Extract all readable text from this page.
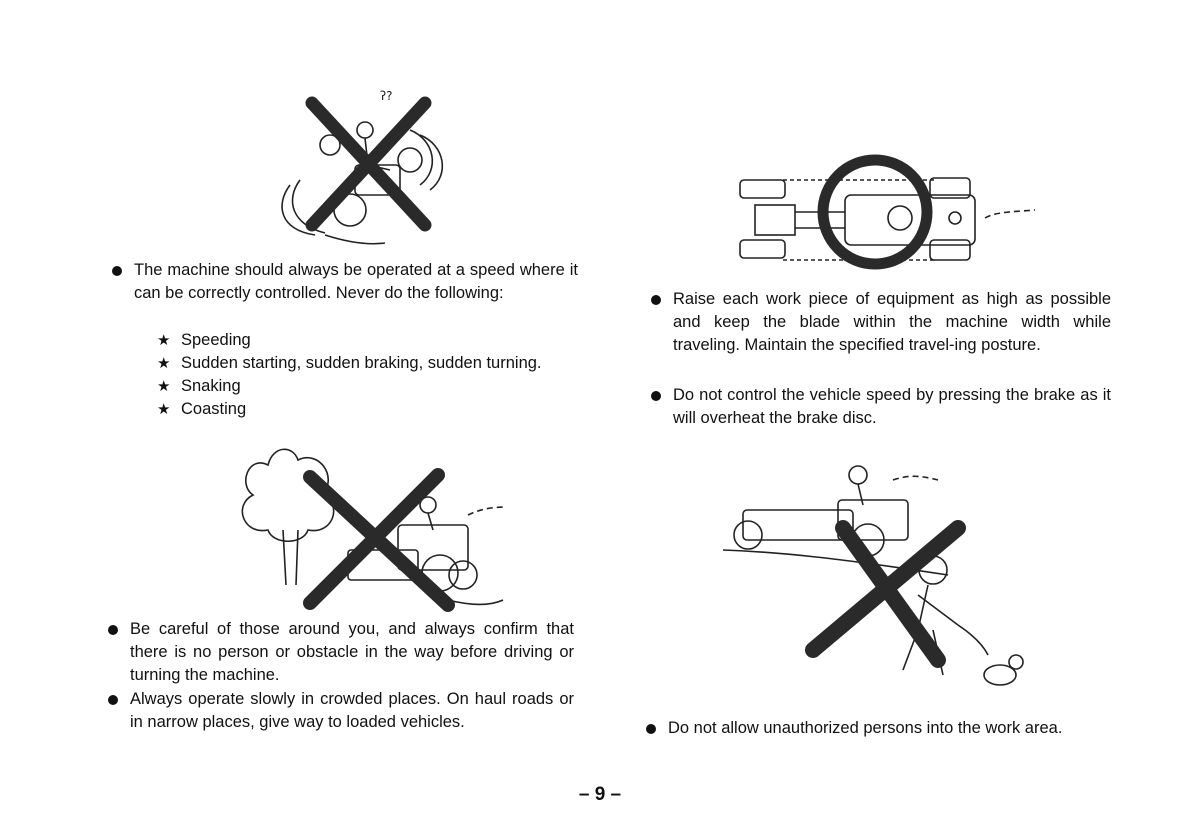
ʔ?
The machine should always be operated at a speed where it can be correctly controlled. Never do the following:
★ Speeding
★ Sudden starting, sudden braking, sudden turning.
★ Snaking
★ Coasting
Be careful of those around you, and always confirm that there is no person or obstacle in the way before driving or turning the machine.
Always operate slowly in crowded places. On haul roads or in narrow places, give way to loaded vehicles.
Raise each work piece of equipment as high as possible and keep the blade within the machine width while traveling. Maintain the specified travel-ing posture.
Do not control the vehicle speed by pressing the brake as it will overheat the brake disc.
Do not allow unauthorized persons into the work area.
– 9 –
